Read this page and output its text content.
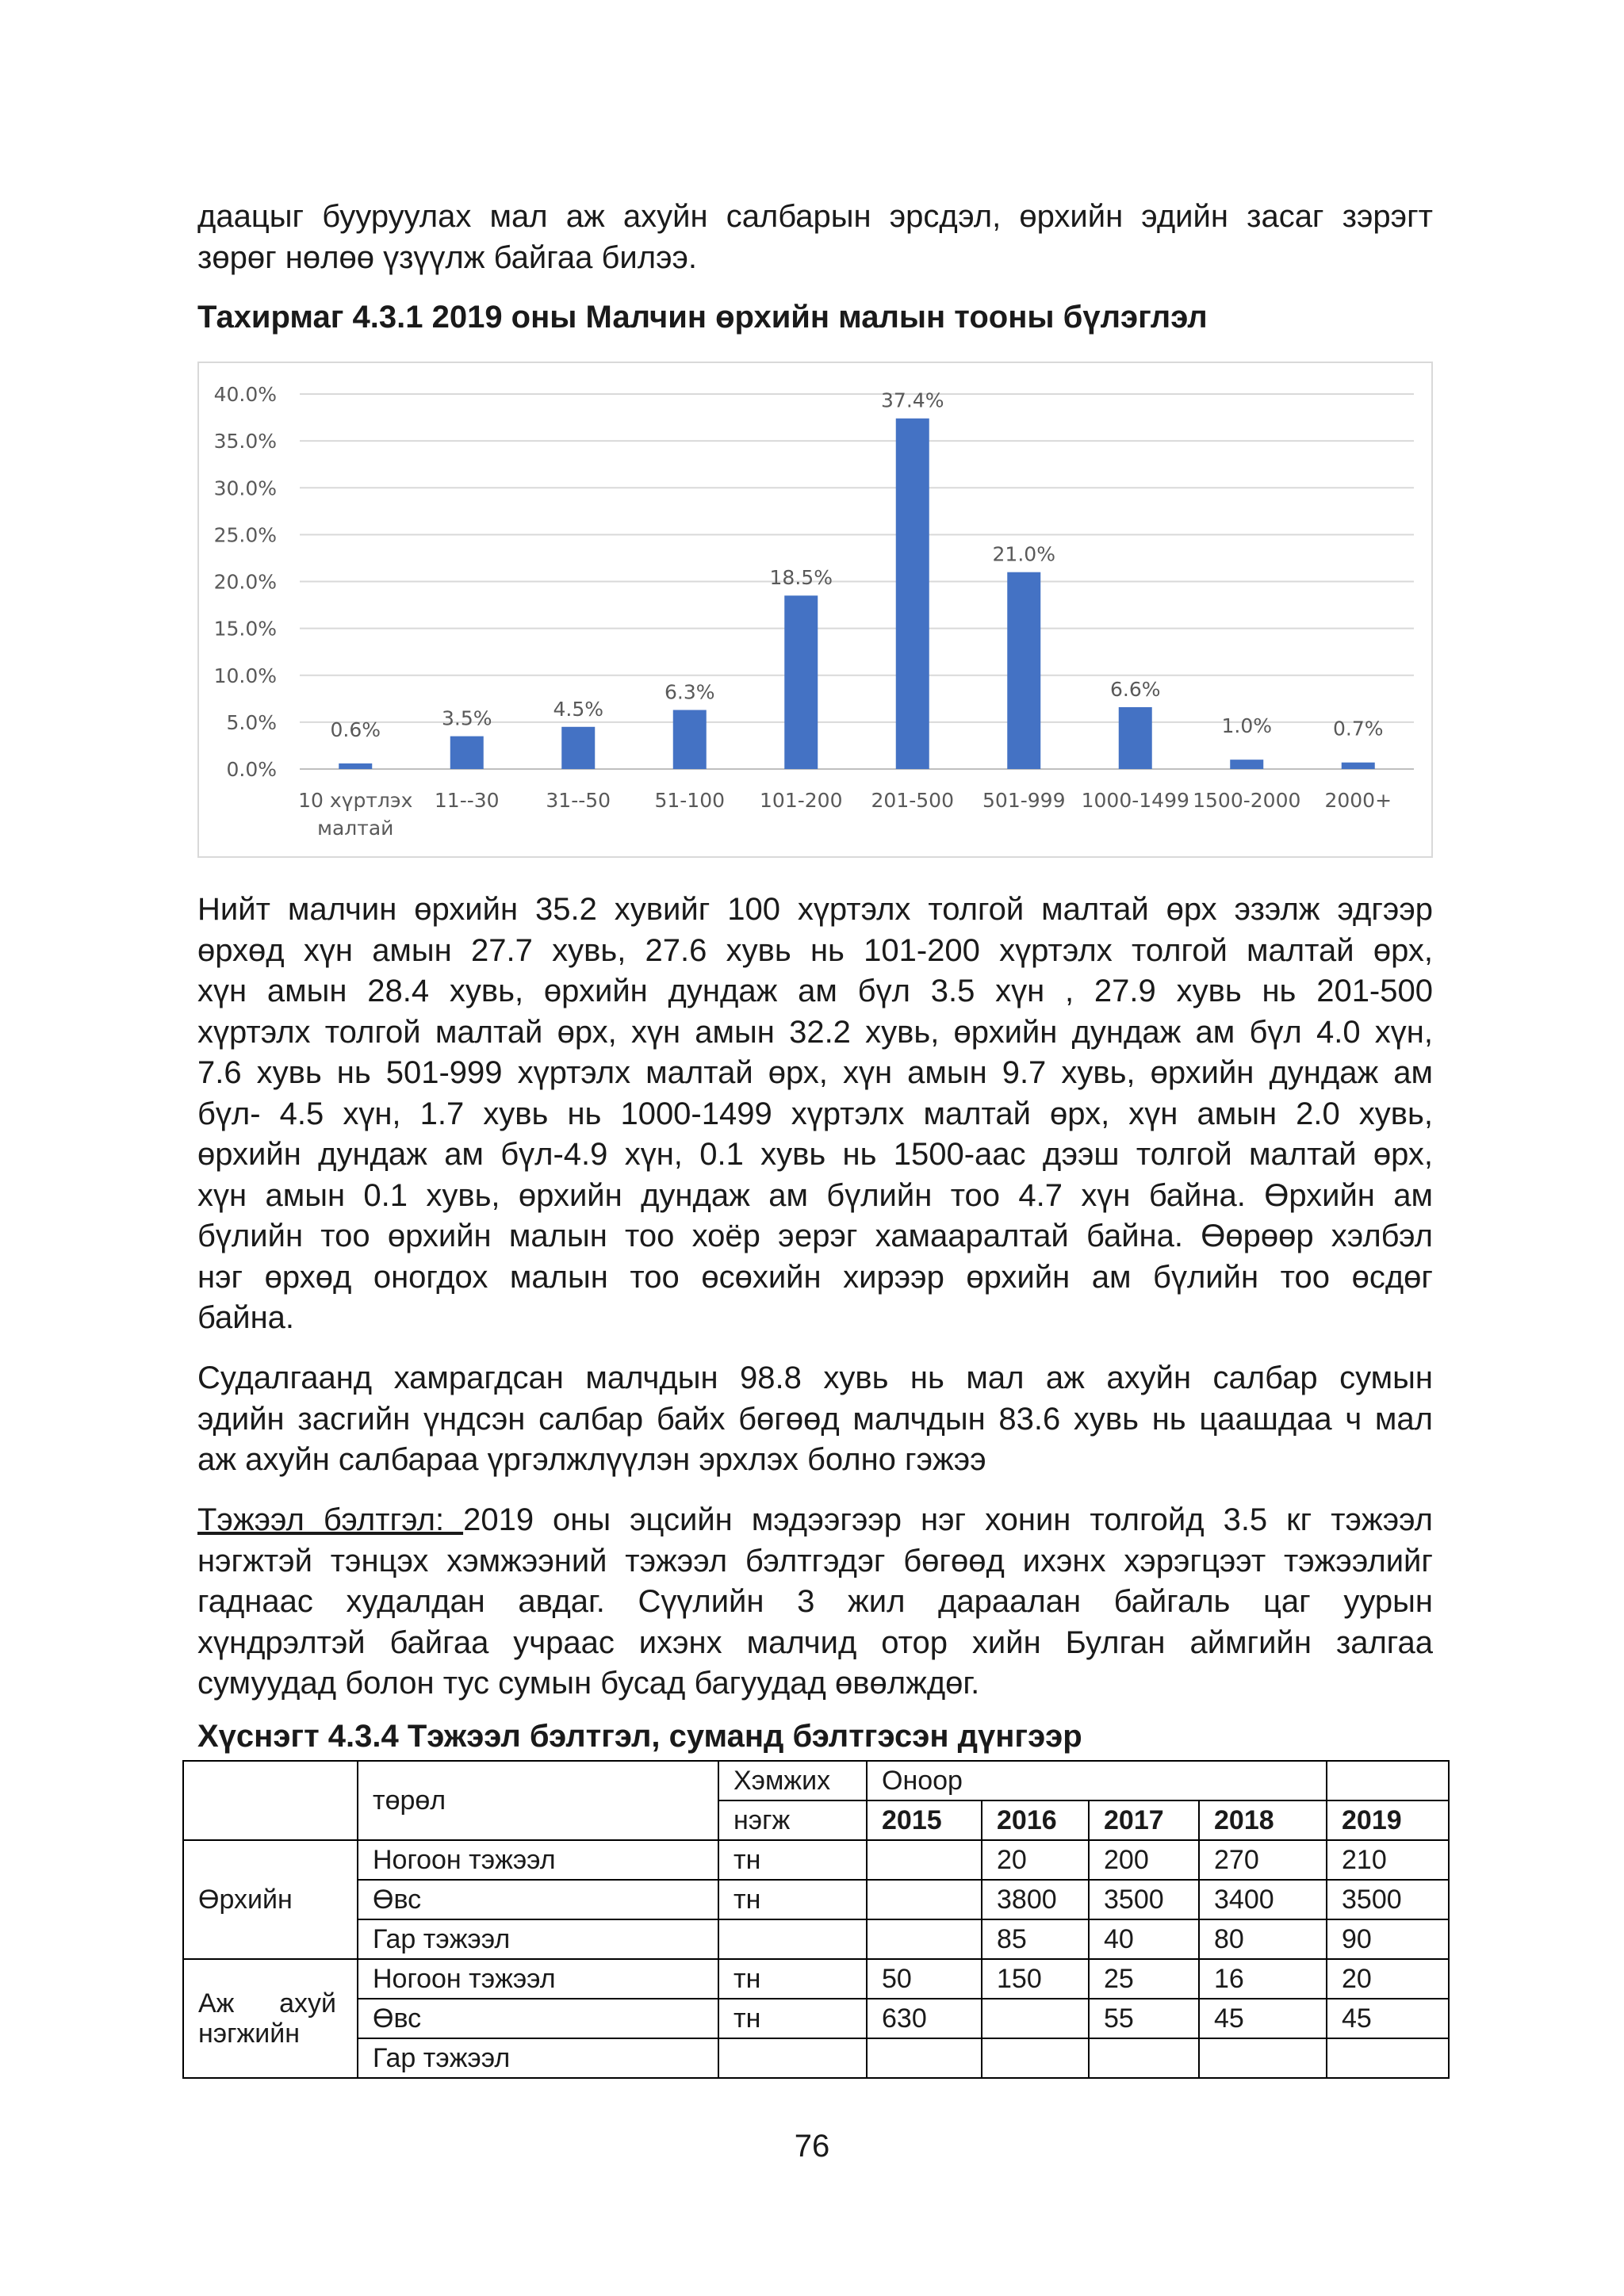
даацыг бууруулах мал аж ахуйн салбарын эрсдэл, өрхийн эдийн засаг зэрэгт
зөрөг нөлөө үзүүлж байгаа билээ.
Тахирмаг 4.3.1 2019 оны Малчин өрхийн малын тооны бүлэглэл
0.0%
5.0%
10.0%
15.0%
20.0%
25.0%
30.0%
35.0%
40.0%
0.6%
10 хүртлэх
малтай
3.5%
11--30
4.5%
31--50
6.3%
51-100
18.5%
101-200
37.4%
201-500
21.0%
501-999
6.6%
1000-1499
1.0%
1500-2000
0.7%
2000+
Нийт малчин өрхийн 35.2 хувийг 100 хүртэлх толгой малтай өрх эзэлж эдгээр
өрхөд хүн амын 27.7 хувь, 27.6 хувь нь 101-200 хүртэлх толгой малтай өрх,
хүн амын 28.4 хувь, өрхийн дундаж ам бүл 3.5 хүн , 27.9 хувь нь 201-500
хүртэлх толгой малтай өрх, хүн амын 32.2 хувь, өрхийн дундаж ам бүл 4.0 хүн,
7.6 хувь нь 501-999 хүртэлх малтай өрх, хүн амын 9.7 хувь, өрхийн дундаж ам
бүл- 4.5 хүн, 1.7 хувь нь 1000-1499 хүртэлх малтай өрх, хүн амын 2.0 хувь,
өрхийн дундаж ам бүл-4.9 хүн, 0.1 хувь нь 1500-аас дээш толгой малтай өрх,
хүн амын 0.1 хувь, өрхийн дундаж ам бүлийн тоо 4.7 хүн байна. Өрхийн ам
бүлийн тоо өрхийн малын тоо хоёр эерэг хамааралтай байна. Өөрөөр хэлбэл
нэг өрхөд оногдох малын тоо өсөхийн хирээр өрхийн ам бүлийн тоо өсдөг
байна.
Судалгаанд хамрагдсан малчдын 98.8 хувь нь мал аж ахуйн салбар сумын
эдийн засгийн үндсэн салбар байх бөгөөд малчдын 83.6 хувь нь цаашдаа ч мал
аж ахуйн салбараа үргэлжлүүлэн эрхлэх болно гэжээ
Тэжээл бэлтгэл: 2019 оны эцсийн мэдээгээр нэг хонин толгойд 3.5 кг тэжээл
нэгжтэй тэнцэх хэмжээний тэжээл бэлтгэдэг бөгөөд ихэнх хэрэгцээт тэжээлийг
гаднаас худалдан авдаг. Сүүлийн 3 жил дараалан байгаль цаг уурын
хүндрэлтэй байгаа учраас ихэнх малчид отор хийн Булган аймгийн залгаа
сумуудад болон тус сумын бусад багуудад өвөлждөг.
Хүснэгт 4.3.4 Тэжээл бэлтгэл, суманд бэлтгэсэн дүнгээр
	төрөл	Хэмжих	Оноор				
		нэгж	2015	2016	2017	2018	2019
Өрхийн	Ногоон тэжээл	тн		20	200	270	210
	Өвс	тн		3800	3500	3400	3500
	Гар тэжээл			85	40	80	90

Аж      ахуй
нэгжийн	Ногоон тэжээл	тн	50	150	25	16	20
	Өвс	тн	630		55	45	45
	Гар тэжээл						
76
